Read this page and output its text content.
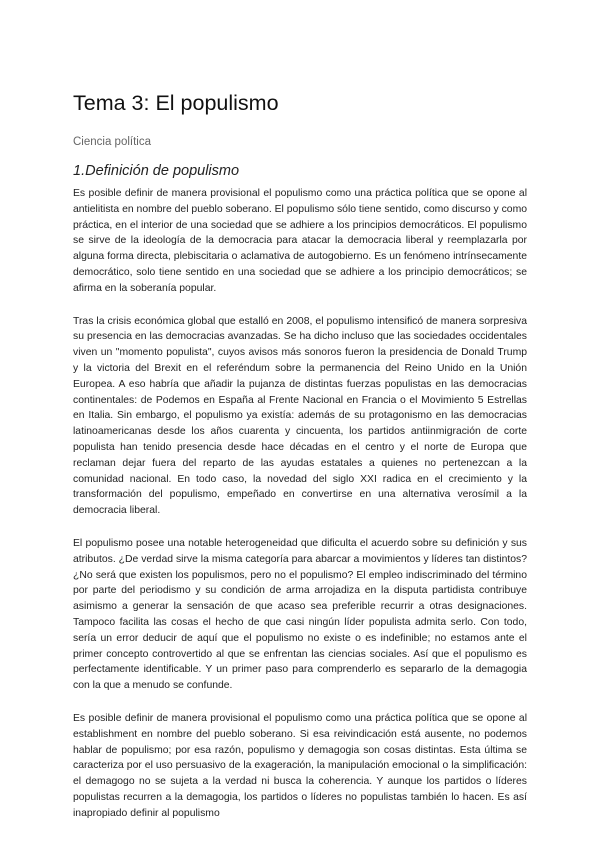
Tema 3: El populismo
Ciencia política
1.Definición de populismo

Es posible definir de manera provisional el populismo como una práctica política que se opone al antielitista en nombre del pueblo soberano. El populismo sólo tiene sentido, como discurso y como práctica, en el interior de una sociedad que se adhiere a los principios democráticos. El populismo se sirve de la ideología de la democracia para atacar la democracia liberal y reemplazarla por alguna forma directa, plebiscitaria o aclamativa de autogobierno. Es un fenómeno intrínsecamente democrático, solo tiene sentido en una sociedad que se adhiere a los principio democráticos; se afirma en la soberanía popular.

Tras la crisis económica global que estalló en 2008, el populismo intensificó de manera sorpresiva su presencia en las democracias avanzadas. Se ha dicho incluso que las sociedades occidentales viven un "momento populista", cuyos avisos más sonoros fueron la presidencia de Donald Trump y la victoria del Brexit en el referéndum sobre la permanencia del Reino Unido en la Unión Europea. A eso habría que añadir la pujanza de distintas fuerzas populistas en las democracias continentales: de Podemos en España al Frente Nacional en Francia o el Movimiento 5 Estrellas en Italia. Sin embargo, el populismo ya existía: además de su protagonismo en las democracias latinoamericanas desde los años cuarenta y cincuenta, los partidos antiinmigración de corte populista han tenido presencia desde hace décadas en el centro y el norte de Europa que reclaman dejar fuera del reparto de las ayudas estatales a quienes no pertenezcan a la comunidad nacional. En todo caso, la novedad del siglo XXI radica en el crecimiento y la transformación del populismo, empeñado en convertirse en una alternativa verosímil a la democracia liberal.

El populismo posee una notable heterogeneidad que dificulta el acuerdo sobre su definición y sus atributos. ¿De verdad sirve la misma categoría para abarcar a movimientos y líderes tan distintos? ¿No será que existen los populismos, pero no el populismo? El empleo indiscriminado del término por parte del periodismo y su condición de arma arrojadiza en la disputa partidista contribuye asimismo a generar la sensación de que acaso sea preferible recurrir a otras designaciones. Tampoco facilita las cosas el hecho de que casi ningún líder populista admita serlo. Con todo, sería un error deducir de aquí que el populismo no existe o es indefinible; no estamos ante el primer concepto controvertido al que se enfrentan las ciencias sociales. Así que el populismo es perfectamente identificable. Y un primer paso para comprenderlo es separarlo de la demagogia con la que a menudo se confunde.

Es posible definir de manera provisional el populismo como una práctica política que se opone al establishment en nombre del pueblo soberano. Si esa reivindicación está ausente, no podemos hablar de populismo; por esa razón, populismo y demagogia son cosas distintas. Esta última se caracteriza por el uso persuasivo de la exageración, la manipulación emocional o la simplificación: el demagogo no se sujeta a la verdad ni busca la coherencia. Y aunque los partidos o líderes populistas recurren a la demagogia, los partidos o líderes no populistas también lo hacen. Es así inapropiado definir al populismo
